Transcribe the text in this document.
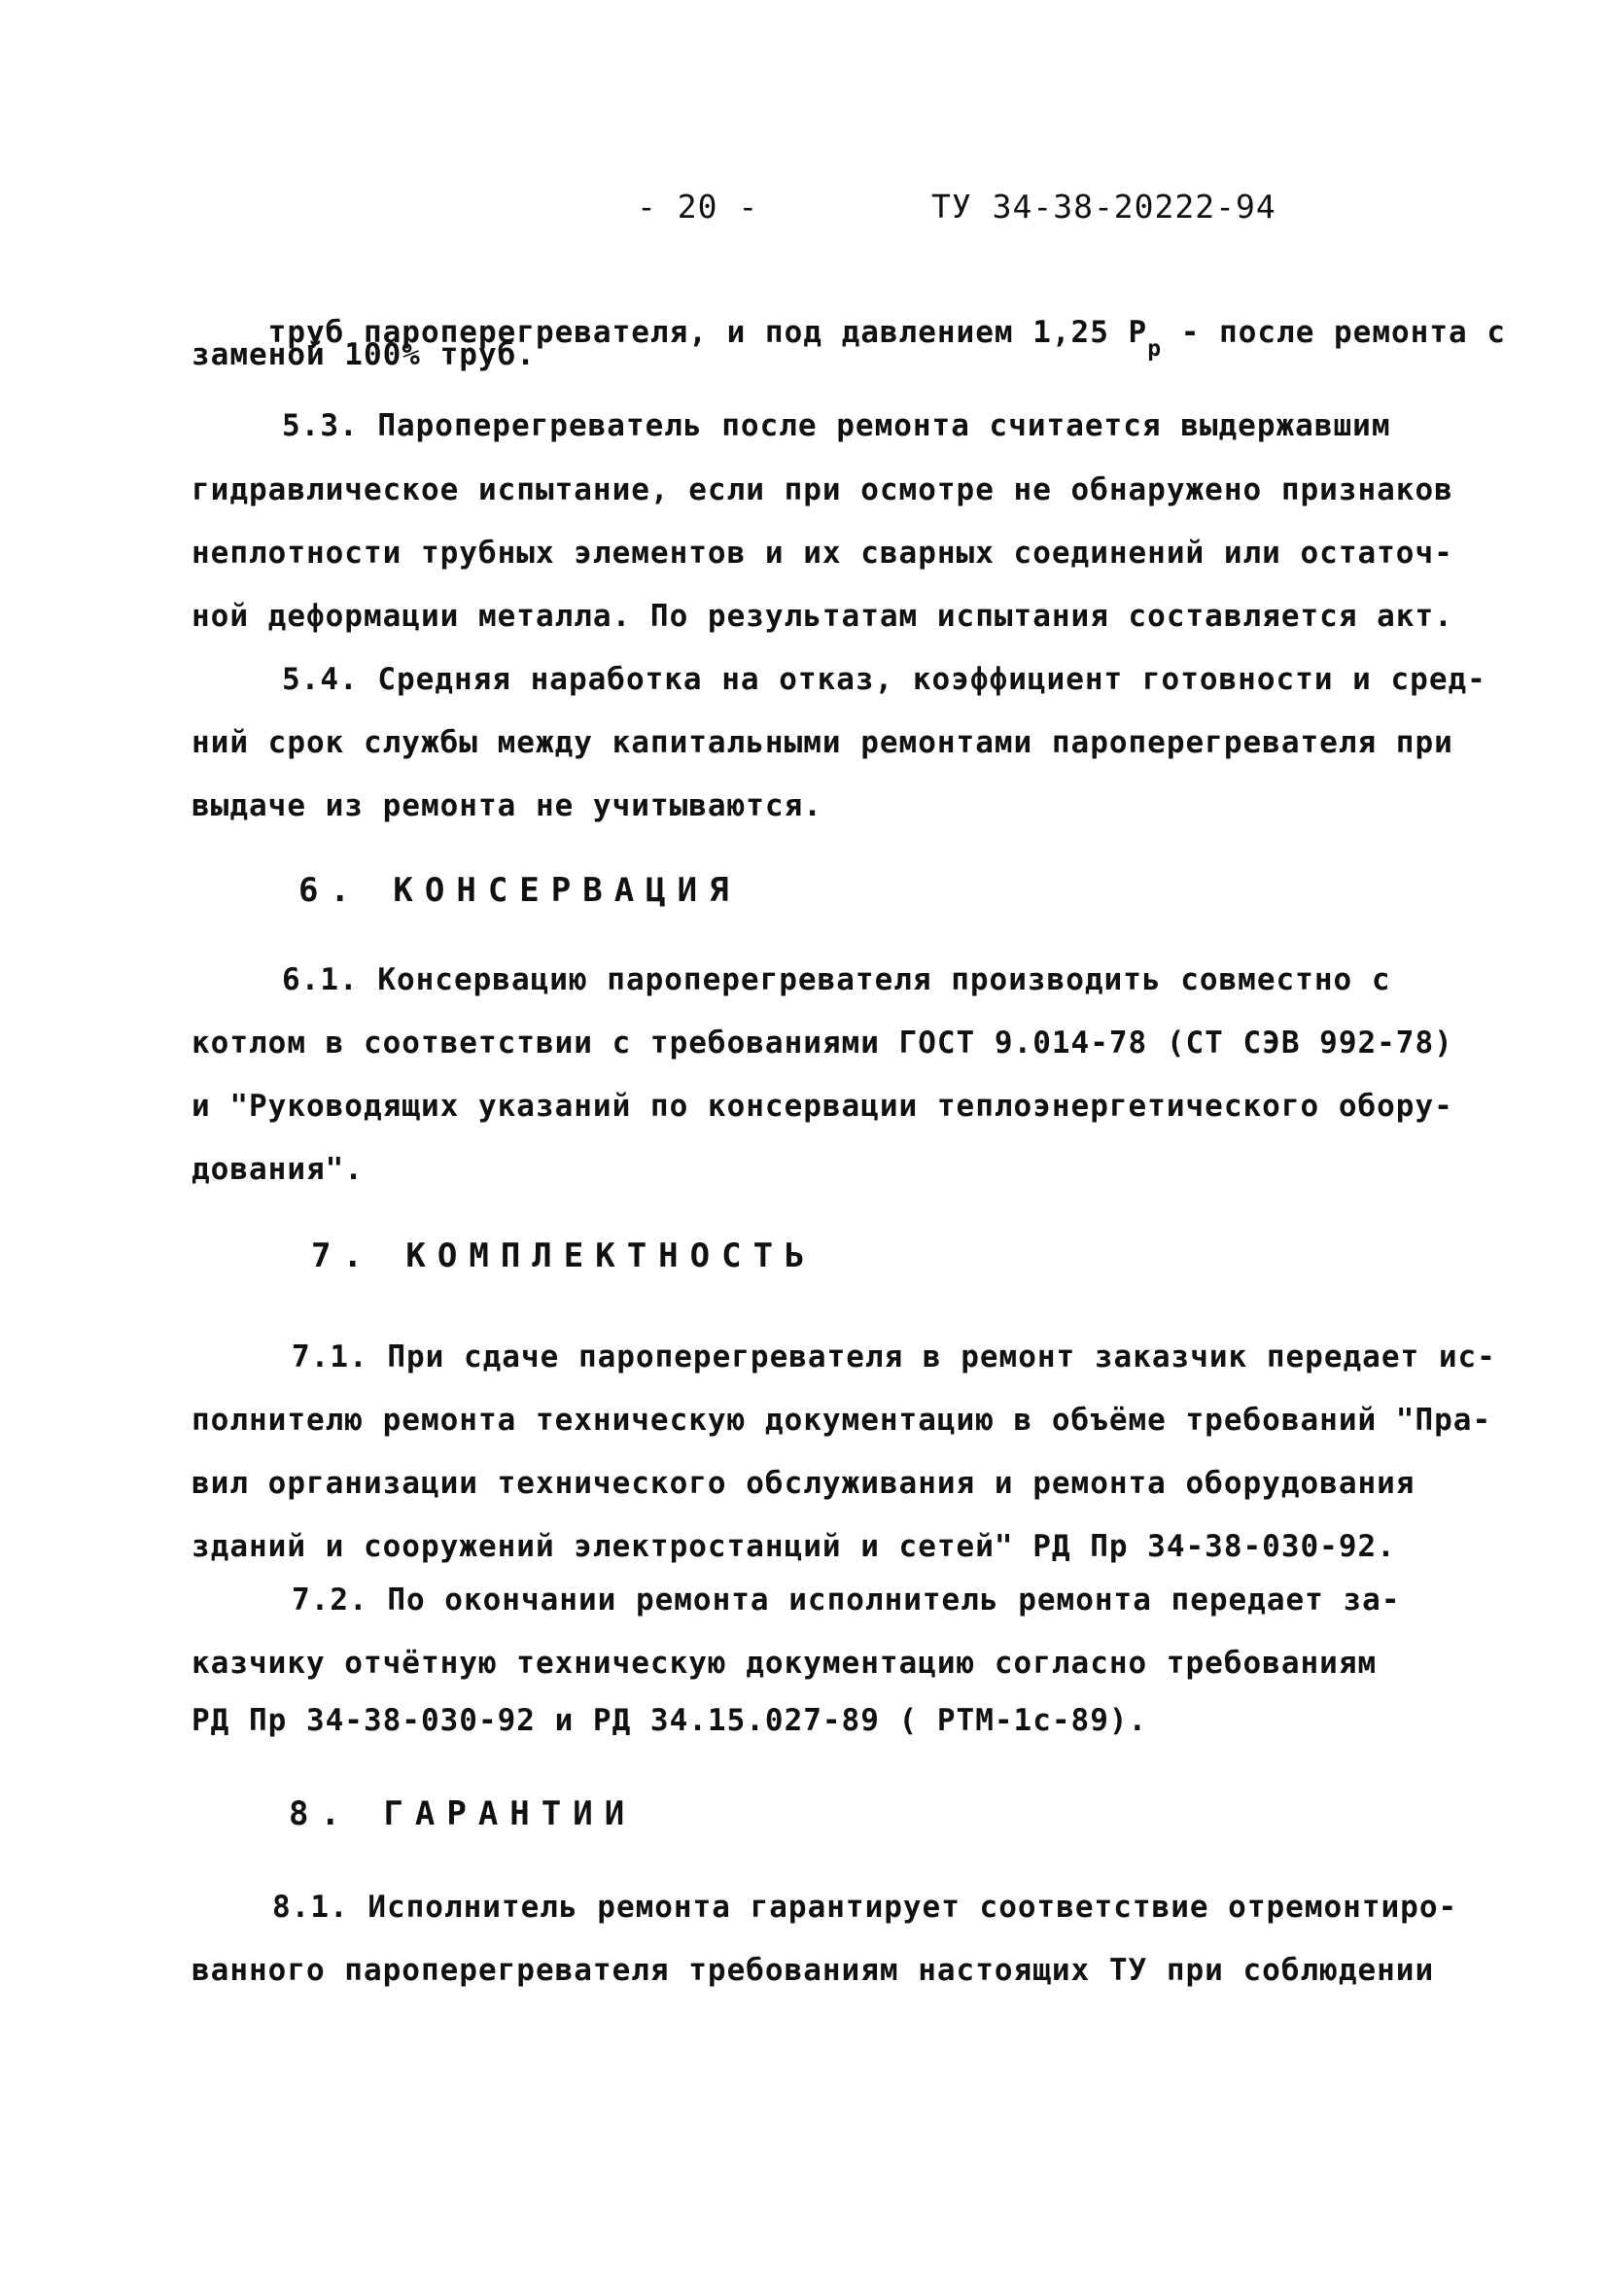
- 20 -	ТУ 34-38-20222-94

труб пароперегревателя, и под давлением 1,25 $P_p$ - после ремонта с

заменой 100% труб.
5.3. Пароперегреватель после ремонта считается выдержавшим
гидравлическое испытание, если при осмотре не обнаружено признаков
неплотности трубных элементов и их сварных соединений или остаточ-
ной деформации металла. По результатам испытания составляется акт.
5.4. Средняя наработка на отказ, коэффициент готовности и сред-
ний срок службы между капитальными ремонтами пароперегревателя при
выдаче из ремонта не учитываются.
6. КОНСЕРВАЦИЯ
6.1. Консервацию пароперегревателя производить совместно с
котлом в соответствии с требованиями ГОСТ 9.014-78 (СТ СЭВ 992-78)
и "Руководящих указаний по консервации теплоэнергетического обору-
дования".
7. КОМПЛЕКТНОСТЬ
7.1. При сдаче пароперегревателя в ремонт заказчик передает ис-
полнителю ремонта техническую документацию в объёме требований "Пра-
вил организации технического обслуживания и ремонта оборудования
зданий и сооружений электростанций и сетей" РД Пр 34-38-030-92.
7.2. По окончании ремонта исполнитель ремонта передает за-
казчику отчётную техническую документацию согласно требованиям
РД Пр 34-38-030-92 и РД 34.15.027-89 ( РТМ-1с-89).
8. ГАРАНТИИ
8.1. Исполнитель ремонта гарантирует соответствие отремонтиро-
ванного пароперегревателя требованиям настоящих ТУ при соблюдении
